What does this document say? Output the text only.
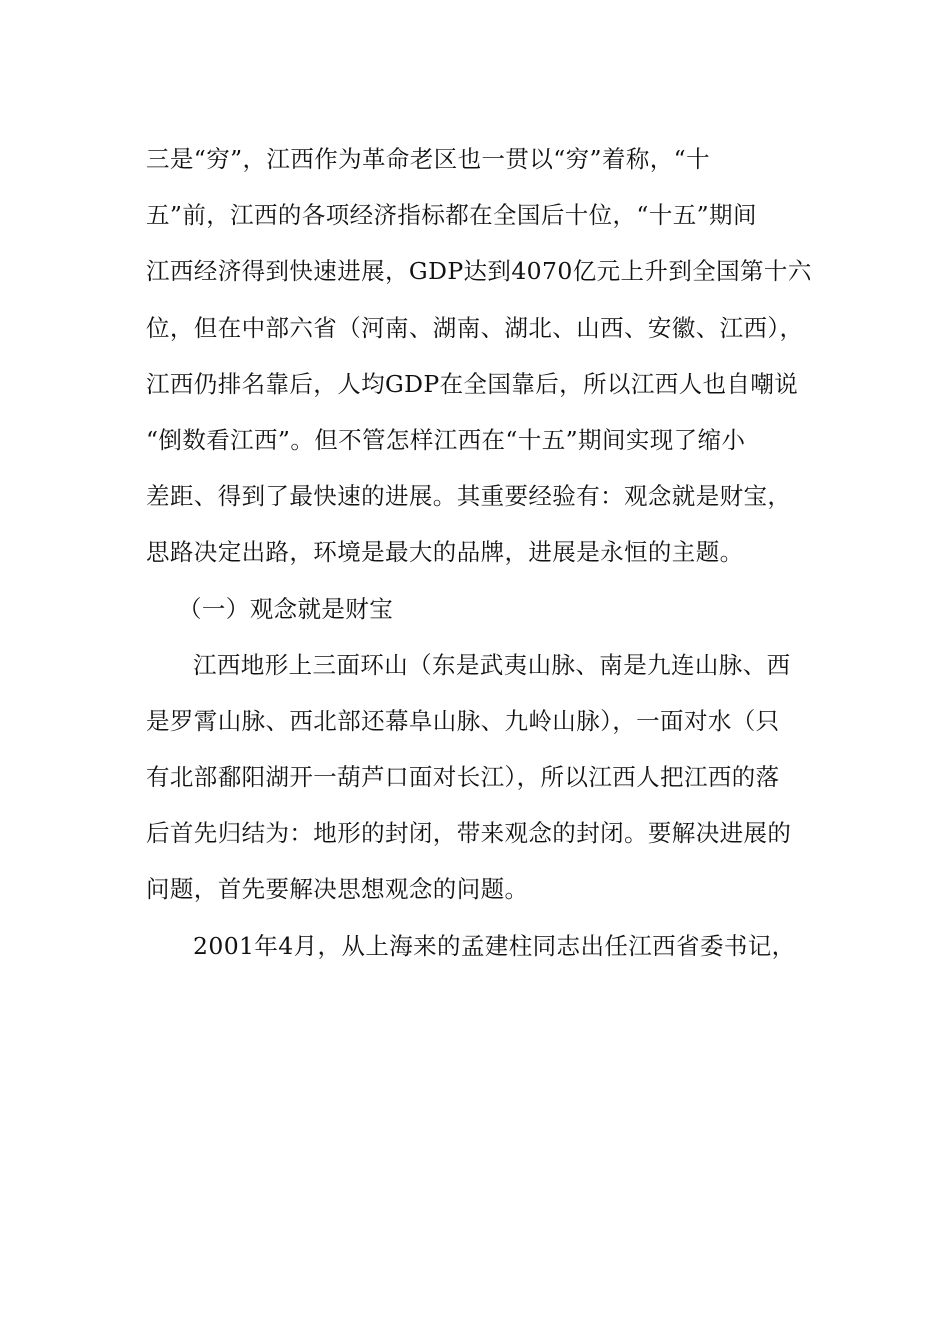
三是“穷”，江西作为革命老区也一贯以“穷”着称，“十
五”前，江西的各项经济指标都在全国后十位，“十五”期间
江西经济得到快速进展，GDP达到4070亿元上升到全国第十六
位，但在中部六省（河南、湖南、湖北、山西、安徽、江西），
江西仍排名靠后，人均GDP在全国靠后，所以江西人也自嘲说
“倒数看江西”。但不管怎样江西在“十五”期间实现了缩小
差距、得到了最快速的进展。其重要经验有：观念就是财宝，
思路决定出路，环境是最大的品牌，进展是永恒的主题。
（一）观念就是财宝
江西地形上三面环山（东是武夷山脉、南是九连山脉、西
是罗霄山脉、西北部还幕阜山脉、九岭山脉），一面对水（只
有北部鄱阳湖开一葫芦口面对长江），所以江西人把江西的落
后首先归结为：地形的封闭，带来观念的封闭。要解决进展的
问题，首先要解决思想观念的问题。
2001年4月，从上海来的孟建柱同志出任江西省委书记，
